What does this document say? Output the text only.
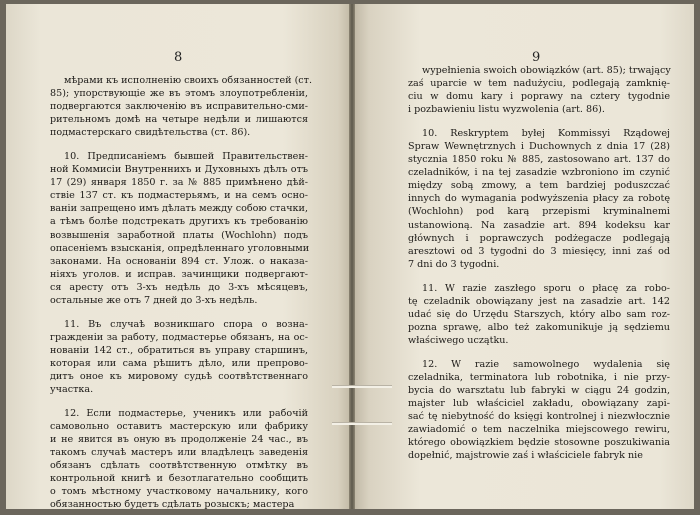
8
мѣрами къ исполненію своихъ обязанностей (ст.
85); упорствующіе же въ этомъ злоупотребленіи,
подвергаются заключенію въ исправительно-сми-
рительномъ домѣ на четыре недѣли и лишаются
подмастерскаго свидѣтельства (ст. 86).
10. Предписаніемъ бывшей Правительствен-
ной Коммисіи Внутреннихъ и Духовныхъ дѣлъ отъ
17 (29) января 1850 г. за № 885 примѣнено дѣй-
ствіе 137 ст. къ подмастерьямъ, и на семъ осно-
ваніи запрещено имъ дѣлать между собою стачки,
а тѣмъ болѣе подстрекать другихъ къ требованію
возвышенія заработной платы (Wochlohn) подъ
опасеніемъ взысканія, опредѣленнаго уголовными
законами. На основаніи 894 ст. Улож. о наказа-
ніяхъ уголов. и исправ. зачинщики подвергают-
ся аресту отъ 3-хъ недѣль до 3-хъ мѣсяцевъ,
остальные же отъ 7 дней до 3-хъ недѣль.
11. Въ случаѣ возникшаго спора о возна-
гражденіи за работу, подмастерье обязанъ, на ос-
нованіи 142 ст., обратиться въ управу старшинъ,
которая или сама рѣшитъ дѣло, или препрово-
дитъ оное къ мировому судьѣ соотвѣтственнаго
участка.
12. Если подмастерье, ученикъ или рабочій
самовольно оставитъ мастерскую или фабрику
и не явится въ оную въ продолженіе 24 час., въ
такомъ случаѣ мастеръ или владѣлецъ заведенія
обязанъ сдѣлать соотвѣтственную отмѣтку въ
контрольной книгѣ и безотлагательно сообщить
о томъ мѣстному участковому начальнику, кого
обязанностью будетъ сдѣлать розыскъ; мастера
9
wypełnienia swoich obowiązków (art. 85); trwający
zaś uparcie w tem nadużyciu, podlegają zamknię-
ciu w domu kary i poprawy na cztery tygodnie
i pozbawieniu listu wyzwolenia (art. 86).
10. Reskryptem byłej Kommissyi Rządowej
Spraw Wewnętrznych i Duchownych z dnia 17 (28)
stycznia 1850 roku № 885, zastosowano art. 137 do
czeladników, i na tej zasadzie wzbroniono im czynić
między sobą zmowy, a tem bardziej poduszczać
innych do wymagania podwyższenia płacy za robotę
(Wochlohn) pod karą przepismi kryminalnemi
ustanowioną. Na zasadzie art. 894 kodeksu kar
głównych i poprawczych podżegacze podlegają
aresztowi od 3 tygodni do 3 miesięcy, inni zaś od
7 dni do 3 tygodni.
11. W razie zaszłego sporu o płacę za robo-
tę czeladnik obowiązany jest na zasadzie art. 142
udać się do Urzędu Starszych, który albo sam roz-
pozna sprawę, albo też zakomunikuje ją sędziemu
właściwego uczątku.
12. W razie samowolnego wydalenia się
czeladnika, terminatora lub robotnika, i nie przy-
bycia do warsztatu lub fabryki w ciągu 24 godzin,
majster lub właściciel zakładu, obowiązany zapi-
sać tę niebytność do księgi kontrolnej i niezwłocznie
zawiadomić o tem naczelnika miejscowego rewiru,
którego obowiązkiem będzie stosowne poszukiwania
dopełnić, majstrowie zaś i właściciele fabryk nie
